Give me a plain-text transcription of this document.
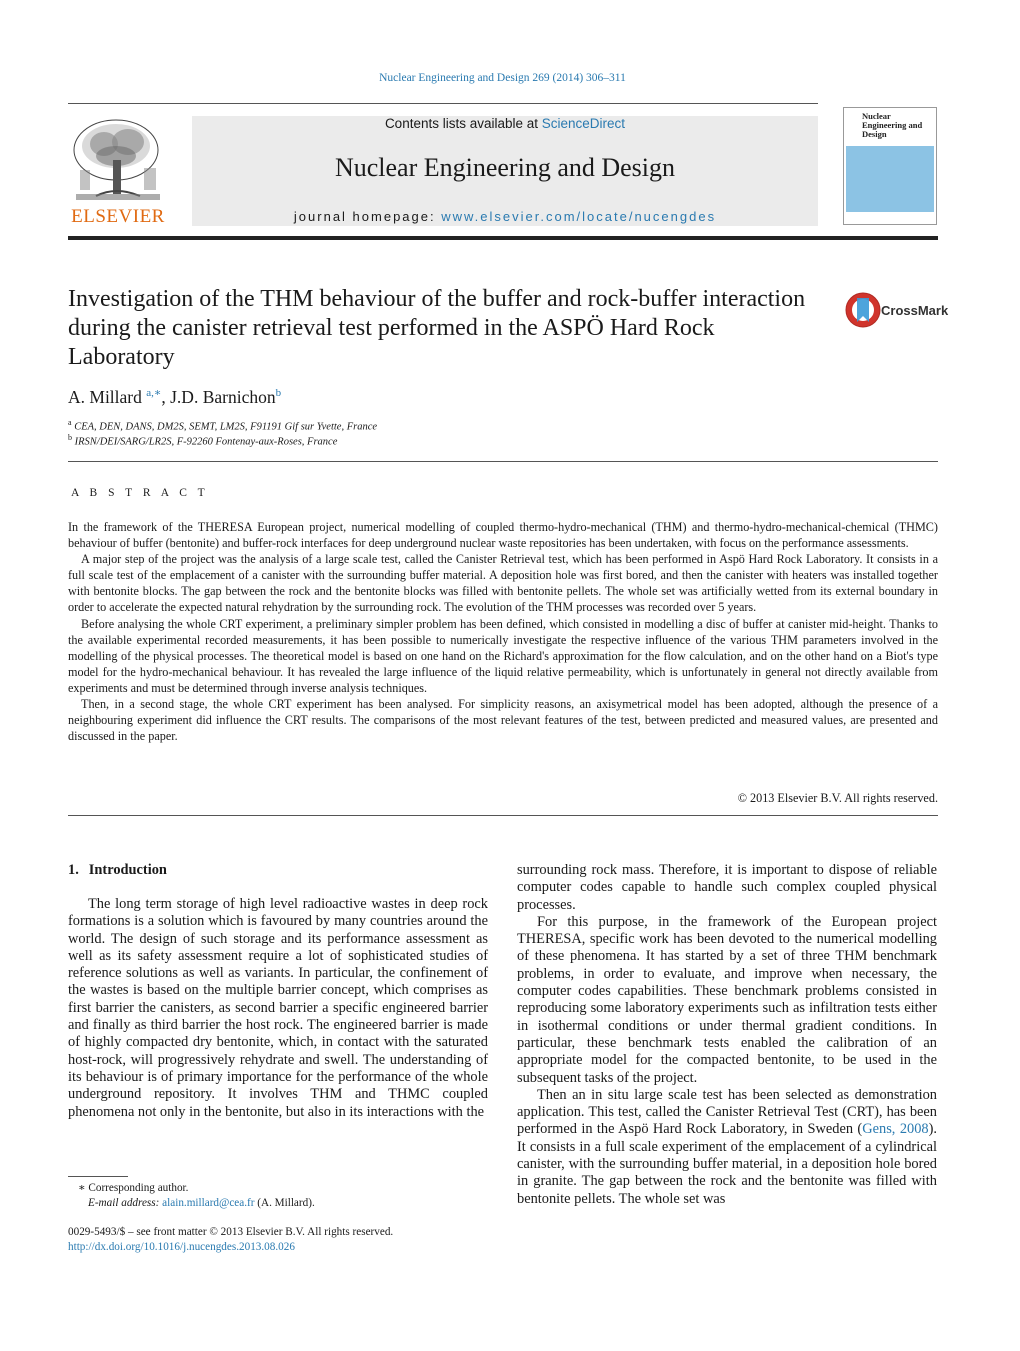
Nuclear Engineering and Design 269 (2014) 306–311
ELSEVIER
Contents lists available at ScienceDirect
Nuclear Engineering and Design
journal homepage: www.elsevier.com/locate/nucengdes
Nuclear Engineering and Design
Investigation of the THM behaviour of the buffer and rock-buffer interaction during the canister retrieval test performed in the ASPÖ Hard Rock Laboratory
CrossMark
A. Millard $^{a,∗}$, J.D. Barnichon$^b$
$^a$ CEA, DEN, DANS, DM2S, SEMT, LM2S, F91191 Gif sur Yvette, France
$^b$ IRSN/DEI/SARG/LR2S, F-92260 Fontenay-aux-Roses, France
A B S T R A C T

In the framework of the THERESA European project, numerical modelling of coupled thermo-hydro-mechanical (THM) and thermo-hydro-mechanical-chemical (THMC) behaviour of buffer (bentonite) and buffer-rock interfaces for deep underground nuclear waste repositories has been undertaken, with focus on the performance assessments.

A major step of the project was the analysis of a large scale test, called the Canister Retrieval test, which has been performed in Aspö Hard Rock Laboratory. It consists in a full scale test of the emplacement of a canister with the surrounding buffer material. A deposition hole was first bored, and then the canister with heaters was installed together with bentonite blocks. The gap between the rock and the bentonite blocks was filled with bentonite pellets. The whole set was artificially wetted from its external boundary in order to accelerate the expected natural rehydration by the surrounding rock. The evolution of the THM processes was recorded over 5 years.

Before analysing the whole CRT experiment, a preliminary simpler problem has been defined, which consisted in modelling a disc of buffer at canister mid-height. Thanks to the available experimental recorded measurements, it has been possible to numerically investigate the respective influence of the various THM parameters involved in the modelling of the physical processes. The theoretical model is based on one hand on the Richard's approximation for the flow calculation, and on the other hand on a Biot's type model for the hydro-mechanical behaviour. It has revealed the large influence of the liquid relative permeability, which is unfortunately in general not directly available from experiments and must be determined through inverse analysis techniques.

Then, in a second stage, the whole CRT experiment has been analysed. For simplicity reasons, an axisymetrical model has been adopted, although the presence of a neighbouring experiment did influence the CRT results. The comparisons of the most relevant features of the test, between predicted and measured values, are presented and discussed in the paper.

© 2013 Elsevier B.V. All rights reserved.
1. Introduction

The long term storage of high level radioactive wastes in deep rock formations is a solution which is favoured by many countries around the world. The design of such storage and its performance assessment as well as its safety assessment require a lot of sophisticated studies of reference solutions as well as variants. In particular, the confinement of the wastes is based on the multiple barrier concept, which comprises as first barrier the canisters, as second barrier a specific engineered barrier and finally as third barrier the host rock. The engineered barrier is made of highly compacted dry bentonite, which, in contact with the saturated host-rock, will progressively rehydrate and swell. The understanding of its behaviour is of primary importance for the performance of the whole underground repository. It involves THM and THMC coupled phenomena not only in the bentonite, but also in its interactions with the

surrounding rock mass. Therefore, it is important to dispose of reliable computer codes capable to handle such complex coupled physical processes.

For this purpose, in the framework of the European project THERESA, specific work has been devoted to the numerical modelling of these phenomena. It has started by a set of three THM benchmark problems, in order to evaluate, and improve when necessary, the computer codes capabilities. These benchmark problems consisted in reproducing some laboratory experiments such as infiltration tests either in isothermal conditions or under thermal gradient conditions. In particular, these benchmark tests enabled the calibration of an appropriate model for the compacted bentonite, to be used in the subsequent tasks of the project.

Then an in situ large scale test has been selected as demonstration application. This test, called the Canister Retrieval Test (CRT), has been performed in the Aspö Hard Rock Laboratory, in Sweden (Gens, 2008). It consists in a full scale experiment of the emplacement of a cylindrical canister, with the surrounding buffer material, in a deposition hole bored in granite. The gap between the rock and the bentonite was filled with bentonite pellets. The whole set was

∗ Corresponding author.
E-mail address: alain.millard@cea.fr (A. Millard).
0029-5493/$ – see front matter © 2013 Elsevier B.V. All rights reserved.
http://dx.doi.org/10.1016/j.nucengdes.2013.08.026
